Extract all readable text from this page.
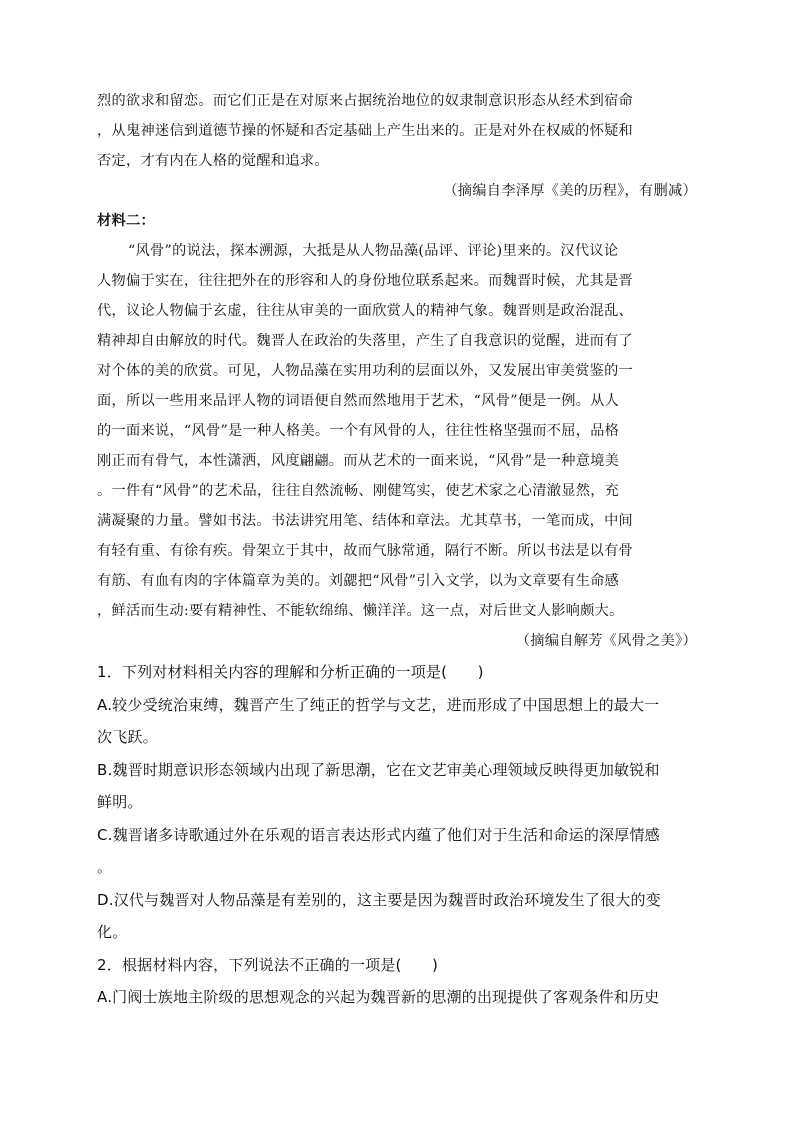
烈的欲求和留恋。而它们正是在对原来占据统治地位的奴隶制意识形态从经术到宿命
，从鬼神迷信到道德节操的怀疑和否定基础上产生出来的。正是对外在权威的怀疑和
否定，才有内在人格的觉醒和追求。
（摘编自李泽厚《美的历程》，有删减）
材料二：
“风骨”的说法，探本溯源，大抵是从人物品藻(品评、评论)里来的。汉代议论
人物偏于实在，往往把外在的形容和人的身份地位联系起来。而魏晋时候，尤其是晋
代，议论人物偏于玄虚，往往从审美的一面欣赏人的精神气象。魏晋则是政治混乱、
精神却自由解放的时代。魏晋人在政治的失落里，产生了自我意识的觉醒，进而有了
对个体的美的欣赏。可见，人物品藻在实用功利的层面以外，又发展出审美赏鉴的一
面，所以一些用来品评人物的词语便自然而然地用于艺术，“风骨”便是一例。从人
的一面来说，“风骨”是一种人格美。一个有风骨的人，往往性格坚强而不屈，品格
刚正而有骨气，本性潇洒，风度翩翩。而从艺术的一面来说，“风骨”是一种意境美
。一件有“风骨”的艺术品，往往自然流畅、刚健笃实，使艺术家之心清澈显然，充
满凝聚的力量。譬如书法。书法讲究用笔、结体和章法。尤其草书，一笔而成，中间
有轻有重、有徐有疾。骨架立于其中，故而气脉常通，隔行不断。所以书法是以有骨
有筋、有血有肉的字体篇章为美的。刘勰把“风骨”引入文学，以为文章要有生命感
，鲜活而生动:要有精神性、不能软绵绵、懒洋洋。这一点，对后世文人影响颇大。
（摘编自解芳《风骨之美》）
1．下列对材料相关内容的理解和分析正确的一项是(　　)
A.较少受统治束缚，魏晋产生了纯正的哲学与文艺，进而形成了中国思想上的最大一
次飞跃。
B.魏晋时期意识形态领域内出现了新思潮，它在文艺审美心理领域反映得更加敏锐和
鲜明。
C.魏晋诸多诗歌通过外在乐观的语言表达形式内蕴了他们对于生活和命运的深厚情感
。
D.汉代与魏晋对人物品藻是有差别的，这主要是因为魏晋时政治环境发生了很大的变
化。
2．根据材料内容，下列说法不正确的一项是(　　)
A.门阀士族地主阶级的思想观念的兴起为魏晋新的思潮的出现提供了客观条件和历史
